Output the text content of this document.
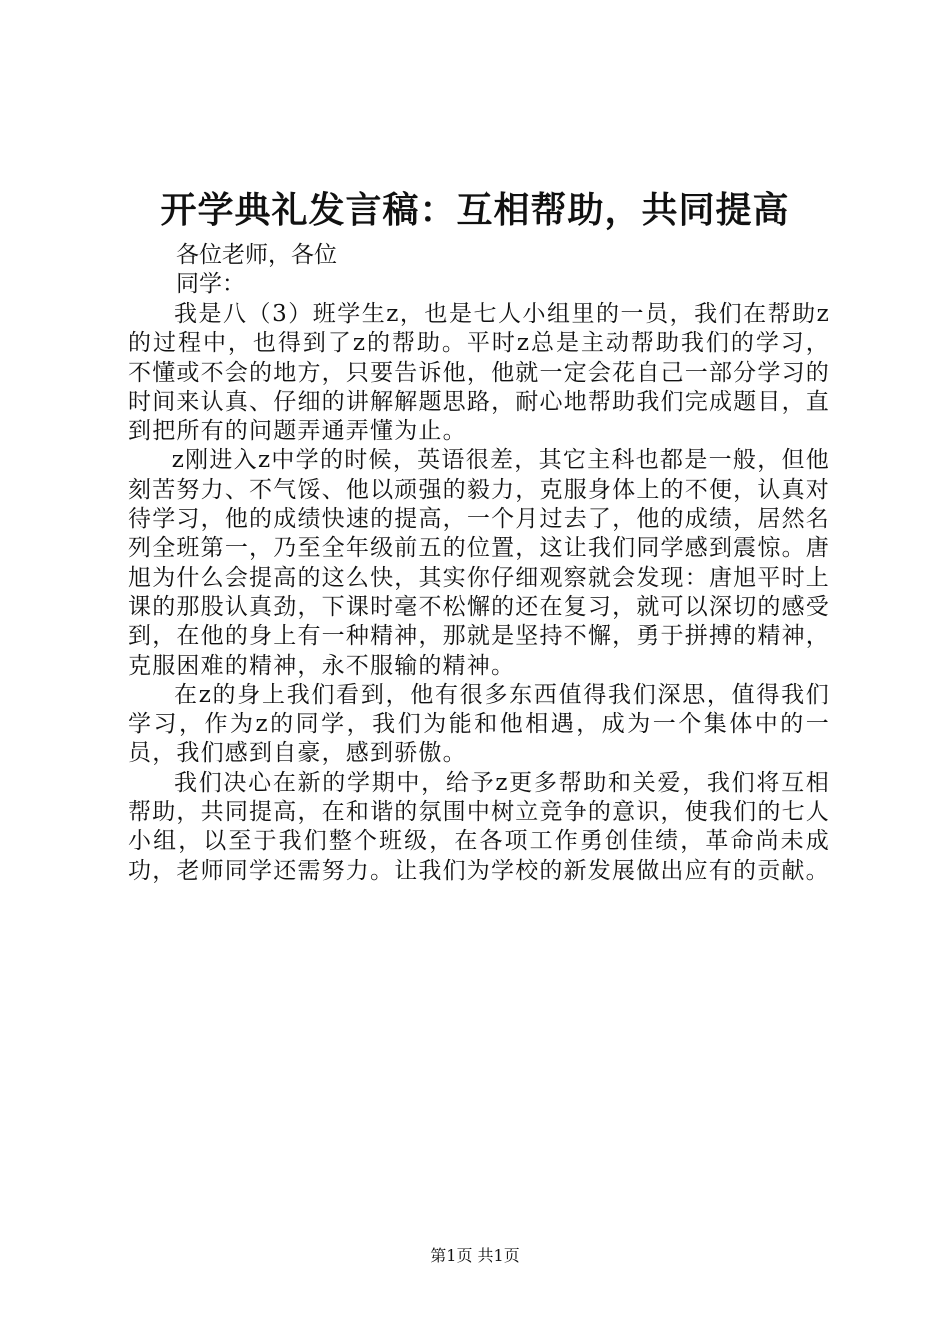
开学典礼发言稿：互相帮助，共同提高
各位老师，各位
同学：

我是八（3）班学生z，也是七人小组里的一员，我们在帮助z的过程中，也得到了z的帮助。平时z总是主动帮助我们的学习，不懂或不会的地方，只要告诉他，他就一定会花自己一部分学习的时间来认真、仔细的讲解解题思路，耐心地帮助我们完成题目，直到把所有的问题弄通弄懂为止。

z刚进入z中学的时候，英语很差，其它主科也都是一般，但他刻苦努力、不气馁、他以顽强的毅力，克服身体上的不便，认真对待学习，他的成绩快速的提高，一个月过去了，他的成绩，居然名列全班第一，乃至全年级前五的位置，这让我们同学感到震惊。唐旭为什么会提高的这么快，其实你仔细观察就会发现：唐旭平时上课的那股认真劲，下课时毫不松懈的还在复习，就可以深切的感受到，在他的身上有一种精神，那就是坚持不懈，勇于拼搏的精神，克服困难的精神，永不服输的精神。

在z的身上我们看到，他有很多东西值得我们深思，值得我们学习，作为z的同学，我们为能和他相遇，成为一个集体中的一员，我们感到自豪，感到骄傲。

我们决心在新的学期中，给予z更多帮助和关爱，我们将互相帮助，共同提高，在和谐的氛围中树立竞争的意识，使我们的七人小组，以至于我们整个班级，在各项工作勇创佳绩，革命尚未成功，老师同学还需努力。让我们为学校的新发展做出应有的贡献。

第1页 共1页
